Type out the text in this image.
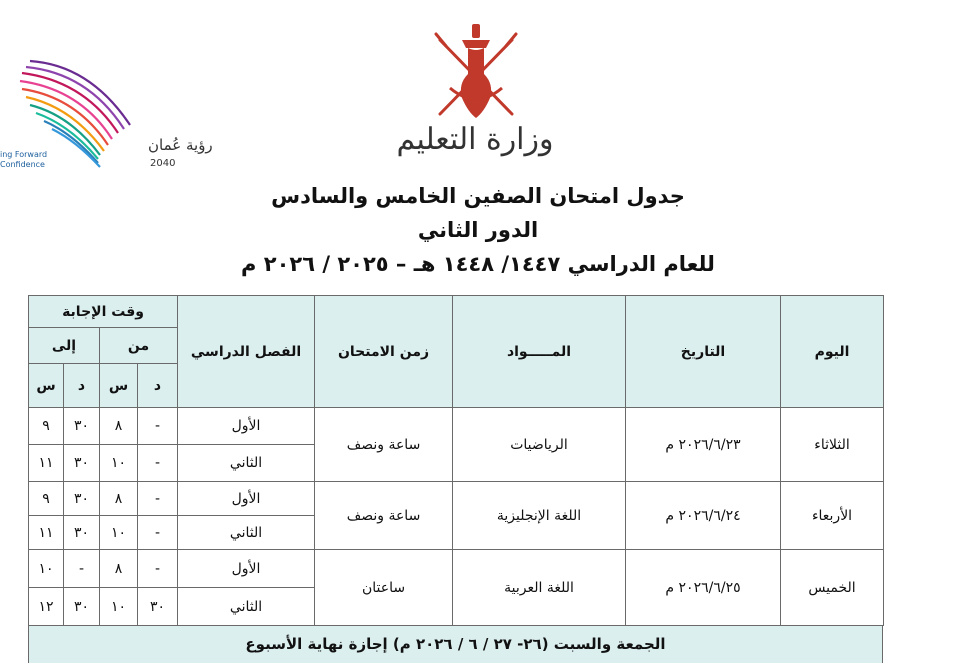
وزارة التعليم
رؤية عُمان
2040
ing Forward
Confidence
جدول امتحان الصفين الخامس والسادس
الدور الثاني
للعام الدراسي ١٤٤٧/ ١٤٤٨ هـ – ٢٠٢٥ / ٢٠٢٦ م
اليوم	التاريخ	المـــــواد	زمن الامتحان	الفصل الدراسي	وقت الإجابة			
					من		إلى	
					د	س	د	س
الثلاثاء	٢٠٢٦/٦/٢٣ م	الرياضيات	ساعة ونصف	الأول	-	٨	٣٠	٩
				الثاني	-	١٠	٣٠	١١
الأربعاء	٢٠٢٦/٦/٢٤ م	اللغة الإنجليزية	ساعة ونصف	الأول	-	٨	٣٠	٩
				الثاني	-	١٠	٣٠	١١
الخميس	٢٠٢٦/٦/٢٥ م	اللغة العربية	ساعتان	الأول	-	٨	-	١٠
				الثاني	٣٠	١٠	٣٠	١٢
الجمعة والسبت (٢٦- ٢٧ / ٦ / ٢٠٢٦ م) إجازة نهاية الأسبوع
